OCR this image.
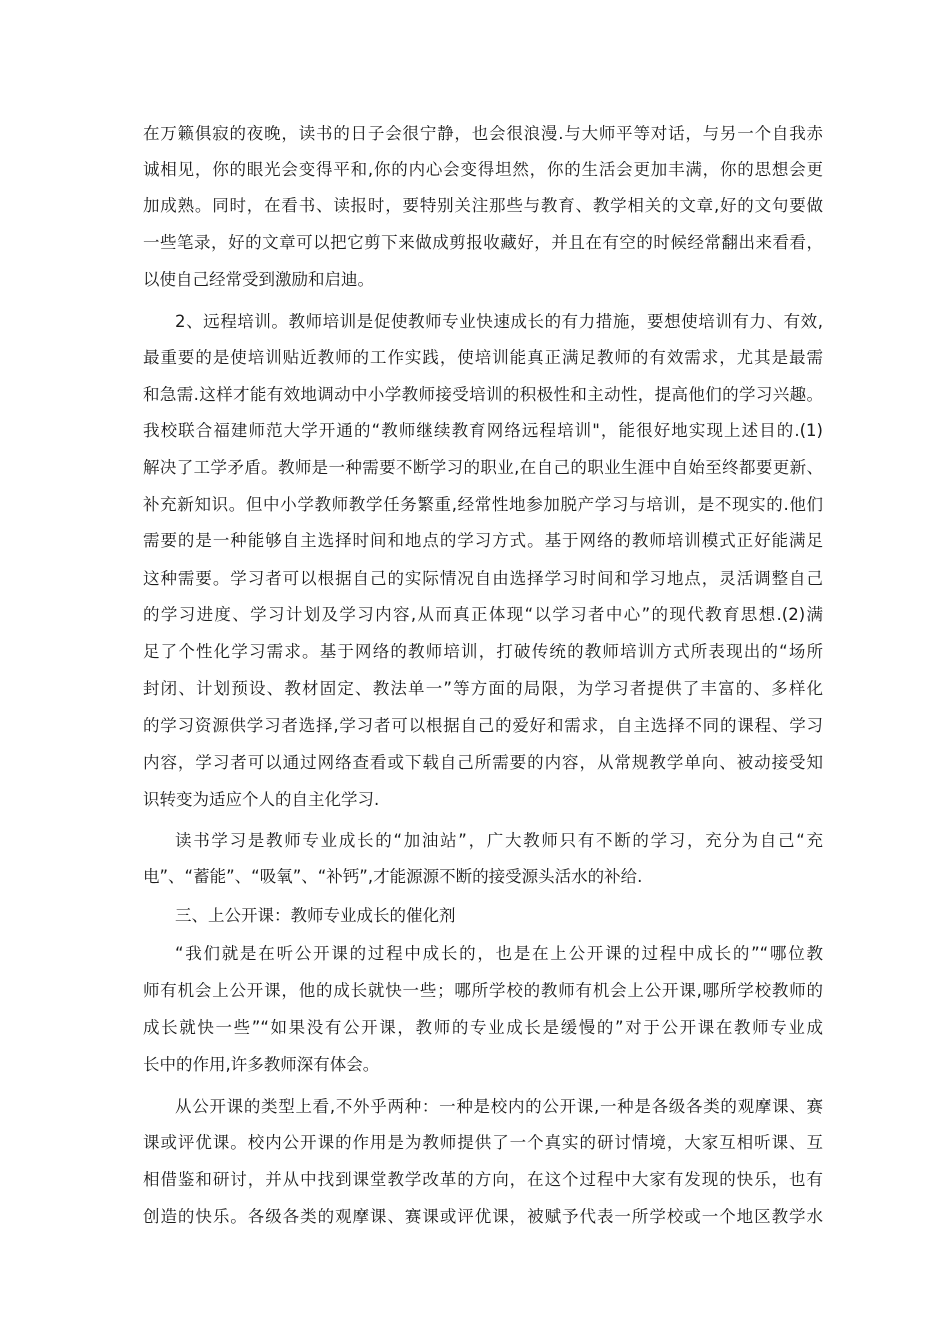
在万籁俱寂的夜晚，读书的日子会很宁静，也会很浪漫.与大师平等对话，与另一个自我赤
诚相见，你的眼光会变得平和,你的内心会变得坦然，你的生活会更加丰满，你的思想会更
加成熟。同时，在看书、读报时，要特别关注那些与教育、教学相关的文章,好的文句要做
一些笔录，好的文章可以把它剪下来做成剪报收藏好，并且在有空的时候经常翻出来看看，
以使自己经常受到激励和启迪。
2、远程培训。教师培训是促使教师专业快速成长的有力措施，要想使培训有力、有效,
最重要的是使培训贴近教师的工作实践，使培训能真正满足教师的有效需求，尤其是最需
和急需.这样才能有效地调动中小学教师接受培训的积极性和主动性，提高他们的学习兴趣。
我校联合福建师范大学开通的“教师继续教育网络远程培训"，能很好地实现上述目的.(1)
解决了工学矛盾。教师是一种需要不断学习的职业,在自己的职业生涯中自始至终都要更新、
补充新知识。但中小学教师教学任务繁重,经常性地参加脱产学习与培训，是不现实的.他们
需要的是一种能够自主选择时间和地点的学习方式。基于网络的教师培训模式正好能满足
这种需要。学习者可以根据自己的实际情况自由选择学习时间和学习地点，灵活调整自己
的学习进度、学习计划及学习内容,从而真正体现“以学习者中心”的现代教育思想.(2)满
足了个性化学习需求。基于网络的教师培训，打破传统的教师培训方式所表现出的“场所
封闭、计划预设、教材固定、教法单一”等方面的局限，为学习者提供了丰富的、多样化
的学习资源供学习者选择,学习者可以根据自己的爱好和需求，自主选择不同的课程、学习
内容，学习者可以通过网络查看或下载自己所需要的内容，从常规教学单向、被动接受知
识转变为适应个人的自主化学习.
读书学习是教师专业成长的“加油站”，广大教师只有不断的学习，充分为自己“充
电”、“蓄能”、“吸氧”、“补钙”,才能源源不断的接受源头活水的补给.
三、上公开课：教师专业成长的催化剂
“我们就是在听公开课的过程中成长的，也是在上公开课的过程中成长的”“哪位教
师有机会上公开课，他的成长就快一些；哪所学校的教师有机会上公开课,哪所学校教师的
成长就快一些”“如果没有公开课，教师的专业成长是缓慢的”对于公开课在教师专业成
长中的作用,许多教师深有体会。
从公开课的类型上看,不外乎两种：一种是校内的公开课,一种是各级各类的观摩课、赛
课或评优课。校内公开课的作用是为教师提供了一个真实的研讨情境，大家互相听课、互
相借鉴和研讨，并从中找到课堂教学改革的方向，在这个过程中大家有发现的快乐，也有
创造的快乐。各级各类的观摩课、赛课或评优课，被赋予代表一所学校或一个地区教学水
